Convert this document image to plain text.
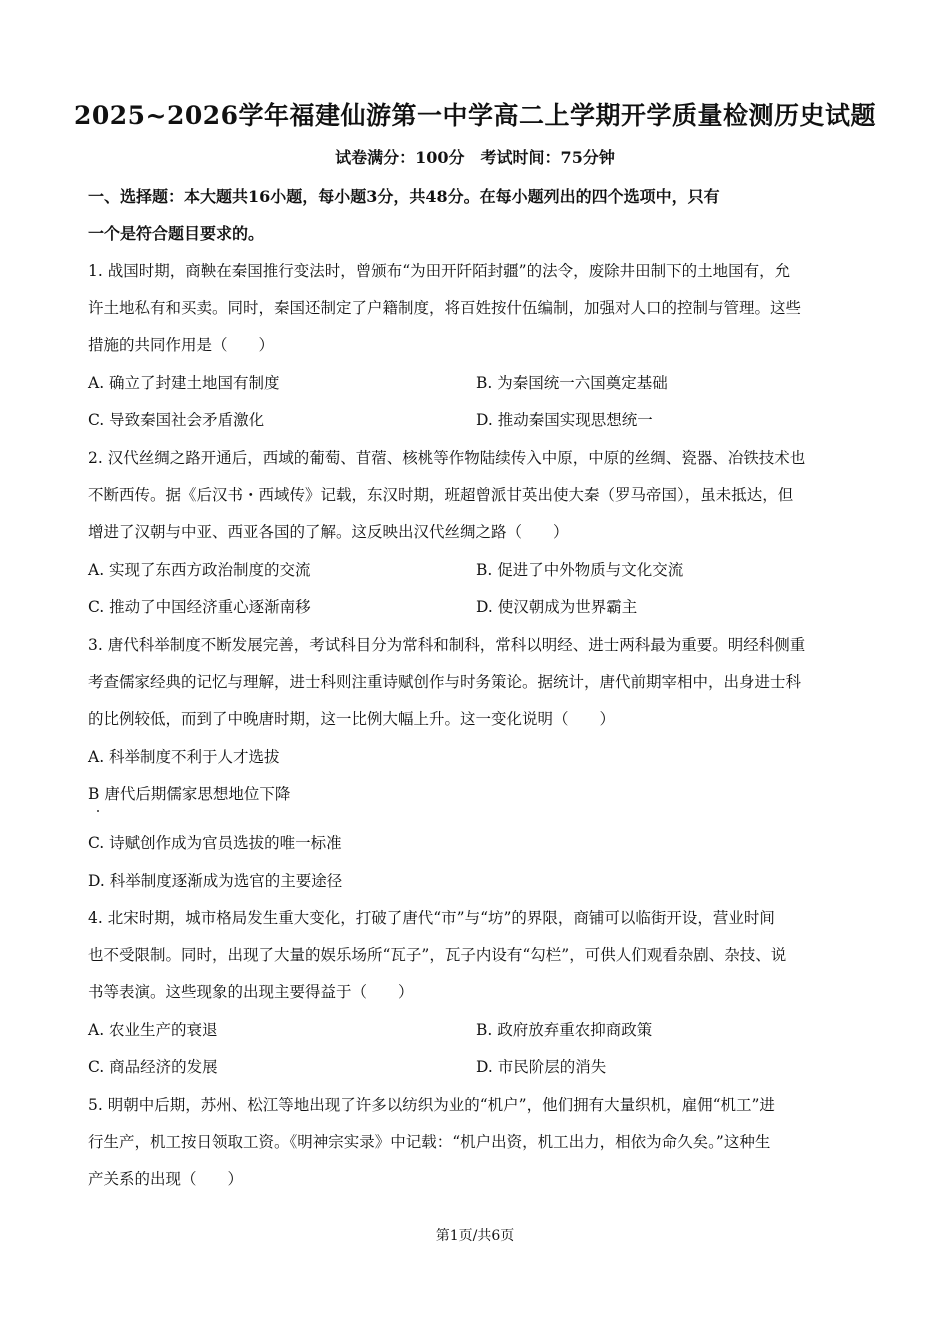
2025~2026学年福建仙游第一中学高二上学期开学质量检测历史试题
试卷满分：100分　考试时间：75分钟
一、选择题：本大题共16小题，每小题3分，共48分。在每小题列出的四个选项中，只有
一个是符合题目要求的。
1. 战国时期，商鞅在秦国推行变法时，曾颁布“为田开阡陌封疆”的法令，废除井田制下的土地国有，允
许土地私有和买卖。同时，秦国还制定了户籍制度，将百姓按什伍编制，加强对人口的控制与管理。这些
措施的共同作用是（　　）
A. 确立了封建土地国有制度	B. 为秦国统一六国奠定基础
C. 导致秦国社会矛盾激化	D. 推动秦国实现思想统一
2. 汉代丝绸之路开通后，西域的葡萄、苜蓿、核桃等作物陆续传入中原，中原的丝绸、瓷器、冶铁技术也
不断西传。据《后汉书・西域传》记载，东汉时期，班超曾派甘英出使大秦（罗马帝国），虽未抵达，但
增进了汉朝与中亚、西亚各国的了解。这反映出汉代丝绸之路（　　）
A. 实现了东西方政治制度的交流	B. 促进了中外物质与文化交流
C. 推动了中国经济重心逐渐南移	D. 使汉朝成为世界霸主
3. 唐代科举制度不断发展完善，考试科目分为常科和制科，常科以明经、进士两科最为重要。明经科侧重
考查儒家经典的记忆与理解，进士科则注重诗赋创作与时务策论。据统计，唐代前期宰相中，出身进士科
的比例较低，而到了中晚唐时期，这一比例大幅上升。这一变化说明（　　）
A. 科举制度不利于人才选拔
B 唐代后期儒家思想地位下降
C. 诗赋创作成为官员选拔的唯一标准
D. 科举制度逐渐成为选官的主要途径
4. 北宋时期，城市格局发生重大变化，打破了唐代“市”与“坊”的界限，商铺可以临街开设，营业时间
也不受限制。同时，出现了大量的娱乐场所“瓦子”，瓦子内设有“勾栏”，可供人们观看杂剧、杂技、说
书等表演。这些现象的出现主要得益于（　　）
A. 农业生产的衰退	B. 政府放弃重农抑商政策
C. 商品经济的发展	D. 市民阶层的消失
5. 明朝中后期，苏州、松江等地出现了许多以纺织为业的“机户”，他们拥有大量织机，雇佣“机工”进
行生产，机工按日领取工资。《明神宗实录》中记载：“机户出资，机工出力，相依为命久矣。”这种生
产关系的出现（　　）
第1页/共6页
